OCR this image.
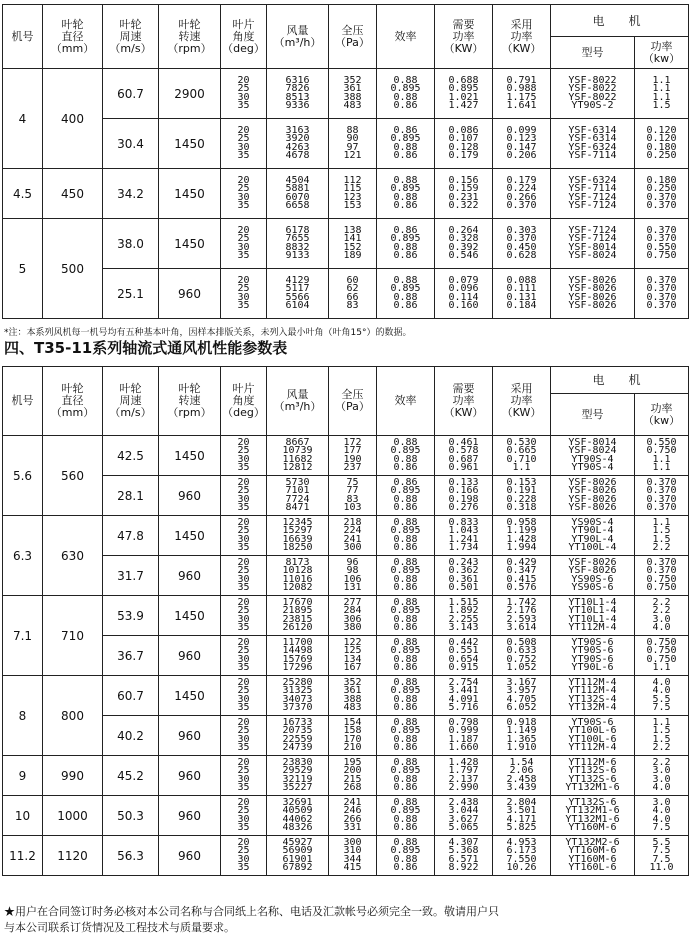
机号	叶轮
直径
（mm）	叶轮
周速
（m/s）	叶轮
转速
（rpm）	叶片
角度
（deg）	风量
（m³/h）	全压
（Pa）	效率	需要
功率
（KW）	采用
功率
（KW）	电　机	
										型号	功率
（kw）
4	400	60.7	2900	20
25
30
35	6316
7826
8513
9336	352
361
388
483	0.88
0.895
0.88
0.86	0.688
0.895
1.021
1.427	0.791
0.988
1.175
1.641	YSF-8022
YSF-8022
YSF-8022
YT90S-2	1.1
1.1
1.1
1.5
		30.4	1450	20
25
30
35	3163
3920
4263
4678	88
90
97
121	0.86
0.895
0.88
0.86	0.086
0.107
0.128
0.179	0.099
0.123
0.147
0.206	YSF-6314
YSF-6314
YSF-6324
YSF-7114	0.120
0.120
0.180
0.250
4.5	450	34.2	1450	20
25
30
35	4504
5881
6070
6658	112
115
123
153	0.88
0.895
0.88
0.86	0.156
0.159
0.231
0.322	0.179
0.224
0.266
0.370	YSF-6324
YSF-7114
YSF-7124
YSF-7124	0.180
0.250
0.370
0.370
5	500	38.0	1450	20
25
30
35	6178
7655
8832
9133	138
141
152
189	0.86
0.895
0.88
0.86	0.264
0.328
0.392
0.546	0.303
0.370
0.450
0.628	YSF-7124
YSF-7124
YSF-8014
YSF-8024	0.370
0.370
0.550
0.750
		25.1	960	20
25
30
35	4129
5117
5566
6104	60
62
66
83	0.88
0.895
0.88
0.86	0.079
0.096
0.114
0.160	0.088
0.111
0.131
0.184	YSF-8026
YSF-8026
YSF-8026
YSF-8026	0.370
0.370
0.370
0.370
*注：本系列风机每一机号均有五种基本叶角，因样本排版关系，未列入最小叶角（叶角15°）的数据。
四、T35-11系列轴流式通风机性能参数表
机号	叶轮
直径
（mm）	叶轮
周速
（m/s）	叶轮
转速
（rpm）	叶片
角度
（deg）	风量
（m³/h）	全压
（Pa）	效率	需要
功率
（KW）	采用
功率
（KW）	电　机	
										型号	功率
（kw）
5.6	560	42.5	1450	20
25
30
35	8667
10739
11682
12812	172
177
190
237	0.88
0.895
0.88
0.86	0.461
0.578
0.687
0.961	0.530
0.665
0.710
1.1	YSF-8014
YSF-8024
YT90S-4
YT90S-4	0.550
0.750
1.1
1.1
		28.1	960	20
25
30
35	5730
7101
7724
8471	75
77
83
103	0.86
0.895
0.88
0.86	0.133
0.166
0.198
0.276	0.153
0.191
0.228
0.318	YSF-8026
YSF-8026
YSF-8026
YSF-8026	0.370
0.370
0.370
0.370
6.3	630	47.8	1450	20
25
30
35	12345
15297
16639
18250	218
224
241
300	0.88
0.895
0.88
0.86	0.833
1.043
1.241
1.734	0.958
1.199
1.428
1.994	YS90S-4
YT90L-4
YT90L-4
YT100L-4	1.1
1.5
1.5
2.2
		31.7	960	20
25
30
35	8173
10128
11016
12082	96
98
106
131	0.88
0.895
0.88
0.86	0.243
0.362
0.361
0.501	0.429
0.347
0.415
0.576	YSF-8026
YSF-8026
YS90S-6
YS90S-6	0.370
0.370
0.750
0.750
7.1	710	53.9	1450	20
25
30
35	17670
21895
23815
26120	277
284
306
380	0.88
0.895
0.88
0.86	1.515
1.892
2.255
3.143	1.742
2.176
2.593
3.614	YT10L1-4
YT10L1-4
YT10L1-4
YT112M-4	2.2
2.2
3.0
4.0
		36.7	960	20
25
30
35	11700
14498
15769
17296	122
125
134
167	0.88
0.895
0.88
0.86	0.442
0.551
0.654
0.915	0.508
0.633
0.752
1.052	YT90S-6
YT90S-6
YT90S-6
YT90L-6	0.750
0.750
0.750
1.1
8	800	60.7	1450	20
25
30
35	25280
31325
34073
37370	352
361
388
483	0.88
0.895
0.88
0.86	2.754
3.441
4.091
5.716	3.167
3.957
4.705
6.052	YT112M-4
YT112M-4
YT132S-4
YT132M-4	4.0
4.0
5.5
7.5
		40.2	960	20
25
30
35	16733
20735
22559
24739	154
158
170
210	0.88
0.895
0.88
0.86	0.798
0.999
1.187
1.660	0.918
1.149
1.365
1.910	YT90S-6
YT100L-6
YT100L-6
YT112M-4	1.1
1.5
1.5
2.2
9	990	45.2	960	20
25
30
35	23830
29529
32119
35227	195
200
215
268	0.88
0.895
0.88
0.86	1.428
1.797
2.137
2.990	1.54
2.06
2.458
3.439	YT112M-6
YT132S-6
YT132S-6
YT132M1-6	2.2
3.0
3.0
4.0
10	1000	50.3	960	20
25
30
35	32691
40509
44062
48326	241
246
266
331	0.88
0.895
0.88
0.86	2.438
3.044
3.627
5.065	2.804
3.501
4.171
5.825	YT132S-6
YT132M1-6
YT132M1-6
YT160M-6	3.0
4.0
4.0
7.5
11.2	1120	56.3	960	20
25
30
35	45927
56909
61901
67892	300
310
344
415	0.88
0.895
0.88
0.86	4.307
5.368
6.571
8.922	4.953
6.173
7.550
10.26	YT132M2-6
YT160M-6
YT160M-6
YT160L-6	5.5
7.5
7.5
11.0
★用户在合同签订时务必核对本公司名称与合同纸上名称、电话及汇款帐号必须完全一致。敬请用户只
与本公司联系订货情况及工程技术与质量要求。
